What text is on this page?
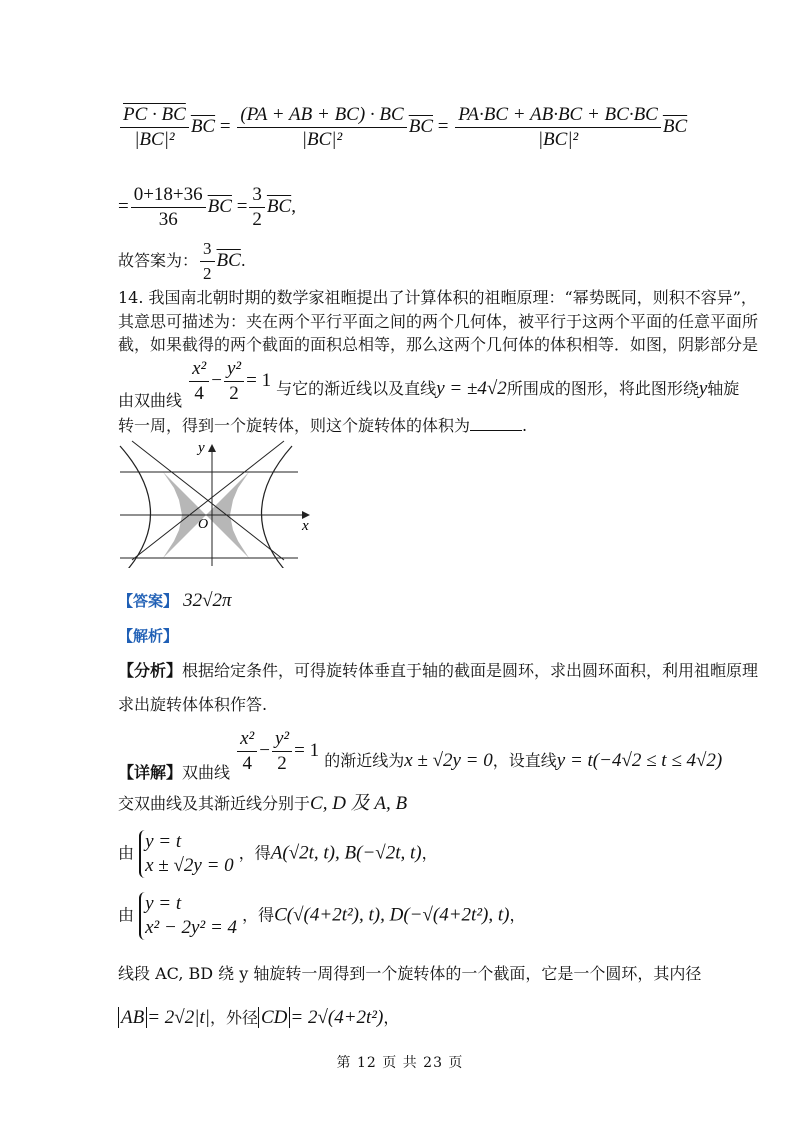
$\frac{PC \cdot BC}{\text{|BC|²}} \overline{BC} = \frac{(PA + AB + BC) \cdot BC}{\text{|BC|²}} \overline{BC} = \frac{PA\cdot BC + AB\cdot BC + BC\cdot BC}{\text{|BC|²}} \overline{BC}$
= $\frac{0+18+36}{36} \overline{BC} = \frac{3}{2} \overline{BC}$,
故答案为： $\frac{3}{2} \overline{BC}$.
14. 我国南北朝时期的数学家祖暅提出了计算体积的祖暅原理：“幂势既同，则积不容异”，
其意思可描述为：夹在两个平行平面之间的两个几何体，被平行于这两个平面的任意平面所
截，如果截得的两个截面的面积总相等，那么这两个几何体的体积相等．如图，阴影部分是
由双曲线 $\frac{\text{x²}}{4} - \frac{\text{y²}}{2} = 1$ 与它的渐近线以及直线y = ±4√2所围成的图形，将此图形绕y轴旋
转一周，得到一个旋转体，则这个旋转体的体积为	.
y
x
O
【答案】 32√2π
【解析】
【分析】根据给定条件，可得旋转体垂直于轴的截面是圆环，求出圆环面积，利用祖暅原理
求出旋转体体积作答.
【详解】双曲线 $\frac{\text{x²}}{4} - \frac{\text{y²}}{2} = 1$ 的渐近线为x ± √2y = 0，设直线y = t(−4√2 ≤ t ≤ 4√2)
交双曲线及其渐近线分别于C, D 及 A, B
由
y = t
x ± √2y = 0
，得A(√2t, t), B(−√2t, t)，
由
y = t
x² − 2y² = 4
，得C(√(4+2t²), t), D(−√(4+2t²), t)，
线段 AC, BD 绕 y 轴旋转一周得到一个旋转体的一个截面，它是一个圆环，其内径
AB = 2√2|t|，外径 CD = 2√(4+2t²)，
第 12 页 共 23 页
